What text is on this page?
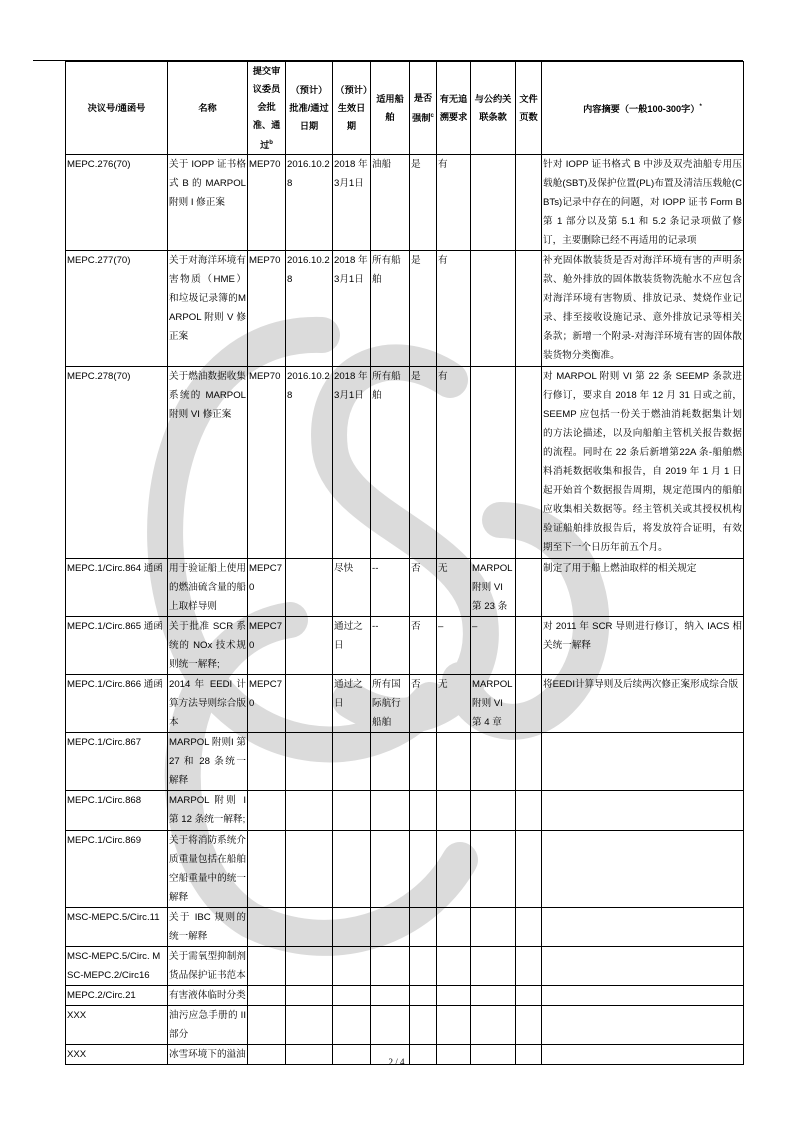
决议号/通函号	名称	提交审议委员会批准、通过$^b$	（预计）批准/通过日期	（预计）生效日期	适用船舶	是否强制$^c$	有无追溯要求	与公约关联条款	文件页数	内容摘要（一般100-300字）*
MEPC.276(70)	关于 IOPP 证书格式 B 的 MARPOL 附则 I 修正案	MEP70	2016.10.28	2018 年3月1日	油船	是	有			针对 IOPP 证书格式 B 中涉及双壳油船专用压载舱(SBT)及保护位置(PL)布置及清洁压载舱(CBTs)记录中存在的问题，对 IOPP 证书 Form B 第 1 部分以及第 5.1 和 5.2 条记录项做了修订，主要删除已经不再适用的记录项
MEPC.277(70)	关于对海洋环境有害物质（HME）和垃圾记录簿的MARPOL 附则 V 修正案	MEP70	2016.10.28	2018 年3月1日	所有船舶	是	有			补充固体散装货是否对海洋环境有害的声明条款、舱外排放的固体散装货物洗舱水不应包含对海洋环境有害物质、排放记录、焚烧作业记录、排至接收设施记录、意外排放记录等相关条款；新增一个附录-对海洋环境有害的固体散装货物分类衡准。
MEPC.278(70)	关于燃油数据收集系统的 MARPOL 附则 VI 修正案	MEP70	2016.10.28	2018 年3月1日	所有船舶	是	有			对 MARPOL 附则 VI 第 22 条 SEEMP 条款进行修订，要求自 2018 年 12 月 31 日或之前，SEEMP 应包括一份关于燃油消耗数据集计划的方法论描述，以及向船舶主管机关报告数据的流程。同时在 22 条后新增第22A 条-船舶燃料消耗数据收集和报告，自 2019 年 1 月 1 日起开始首个数据报告周期，规定范围内的船舶应收集相关数据等。经主管机关或其授权机构验证船舶排放报告后，将发放符合证明，有效期至下一个日历年前五个月。
MEPC.1/Circ.864 通函	用于验证船上使用的燃油硫含量的船上取样导则	MEPC70		尽快	--	否	无	MARPOL 附则 VI 第 23 条		制定了用于船上燃油取样的相关规定
MEPC.1/Circ.865 通函	关于批准 SCR 系统的 NOx 技术规则统一解释;	MEPC70		通过之日	--	否	–	–		对 2011 年 SCR 导则进行修订，纳入 IACS 相关统一解释
MEPC.1/Circ.866 通函	2014 年 EEDI 计算方法导则综合版本	MEPC70		通过之日	所有国际航行船舶	否	无	MARPOL 附则 VI 第 4 章		将EEDI计算导则及后续两次修正案形成综合版
MEPC.1/Circ.867	MARPOL 附则I 第 27 和 28 条统一解释									
MEPC.1/Circ.868	MARPOL 附则 I 第 12 条统一解释;									
MEPC.1/Circ.869	关于将消防系统介质重量包括在船舶空船重量中的统一解释									
MSC-MEPC.5/Circ.11	关于 IBC 规则的统一解释									
MSC-MEPC.5/Circ. MSC-MEPC.2/Circ16	关于需氧型抑制剂货品保护证书范本									
MEPC.2/Circ.21	有害液体临时分类									
XXX	油污应急手册的 II 部分									
XXX	冰雪环境下的溢油									
2 / 4
